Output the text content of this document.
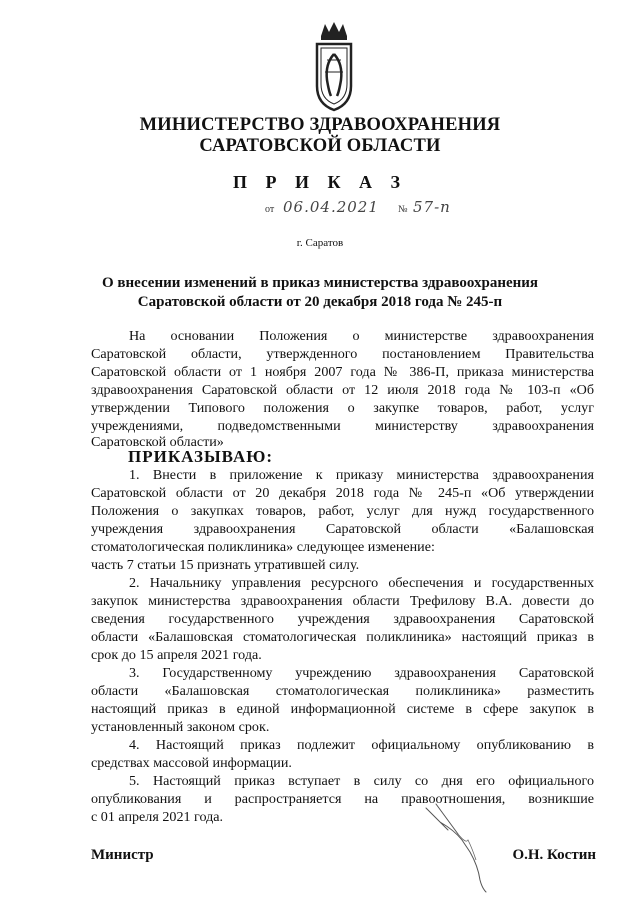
МИНИСТЕРСТВО ЗДРАВООХРАНЕНИЯ
САРАТОВСКОЙ ОБЛАСТИ
П Р И К А З
от 06.04.2021 № 57-п
г. Саратов
О внесении изменений в приказ министерства здравоохранения
Саратовской области от 20 декабря 2018 года № 245-п
На основании Положения о министерстве здравоохранения
Саратовской области, утвержденного постановлением Правительства
Саратовской области от 1 ноября 2007 года № 386-П, приказа министерства
здравоохранения Саратовской области от 12 июля 2018 года № 103-п «Об
утверждении Типового положения о закупке товаров, работ, услуг
учреждениями, подведомственными министерству здравоохранения
Саратовской области»
ПРИКАЗЫВАЮ:
1. Внести в приложение к приказу министерства здравоохранения
Саратовской области от 20 декабря 2018 года № 245-п «Об утверждении
Положения о закупках товаров, работ, услуг для нужд государственного
учреждения здравоохранения Саратовской области «Балашовская
стоматологическая поликлиника» следующее изменение:
часть 7 статьи 15 признать утратившей силу.
2. Начальнику управления ресурсного обеспечения и государственных
закупок министерства здравоохранения области Трефилову В.А. довести до
сведения государственного учреждения здравоохранения Саратовской
области «Балашовская стоматологическая поликлиника» настоящий приказ в
срок до 15 апреля 2021 года.
3. Государственному учреждению здравоохранения Саратовской
области «Балашовская стоматологическая поликлиника» разместить
настоящий приказ в единой информационной системе в сфере закупок в
установленный законом срок.
4. Настоящий приказ подлежит официальному опубликованию в
средствах массовой информации.
5. Настоящий приказ вступает в силу со дня его официального
опубликования и распространяется на правоотношения, возникшие
с 01 апреля 2021 года.
Министр	О.Н. Костин
